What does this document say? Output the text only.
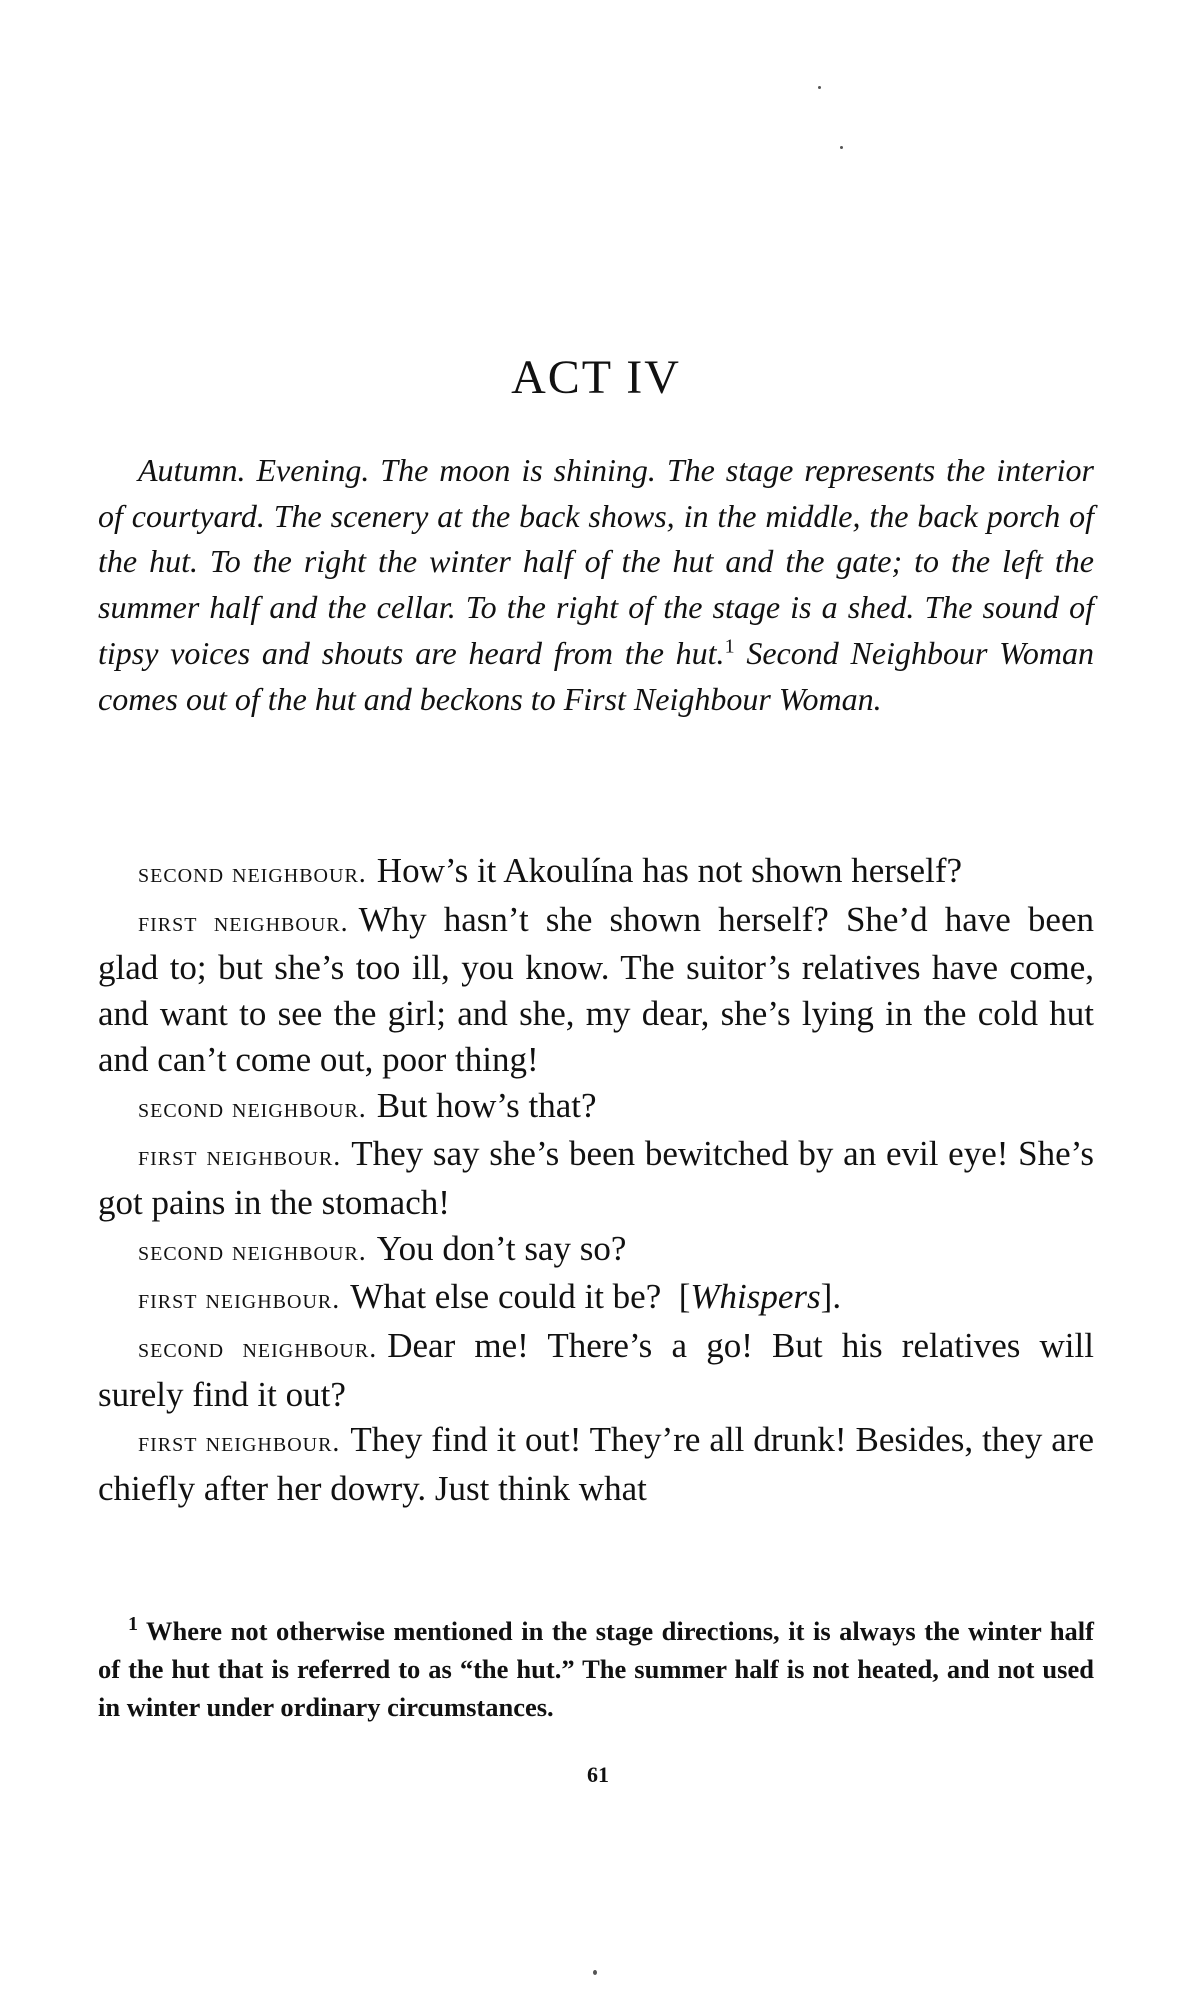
ACT IV

Autumn. Evening. The moon is shining. The stage represents the interior of courtyard. The scenery at the back shows, in the middle, the back porch of the hut. To the right the winter half of the hut and the gate; to the left the summer half and the cellar. To the right of the stage is a shed. The sound of tipsy voices and shouts are heard from the hut.$^1$ Second Neighbour Woman comes out of the hut and beckons to First Neighbour Woman.

second neighbour. How’s it Akoulína has not shown herself?

first neighbour. Why hasn’t she shown herself? She’d have been glad to; but she’s too ill, you know. The suitor’s relatives have come, and want to see the girl; and she, my dear, she’s lying in the cold hut and can’t come out, poor thing!

second neighbour. But how’s that?

first neighbour. They say she’s been bewitched by an evil eye! She’s got pains in the stomach!

second neighbour. You don’t say so?

first neighbour. What else could it be?  [Whispers].

second neighbour. Dear me! There’s a go! But his relatives will surely find it out?

first neighbour. They find it out! They’re all drunk! Besides, they are chiefly after her dowry. Just think what

$^1$ Where not otherwise mentioned in the stage directions, it is always the winter half of the hut that is referred to as “the hut.” The summer half is not heated, and not used in winter under ordinary circumstances.

61
